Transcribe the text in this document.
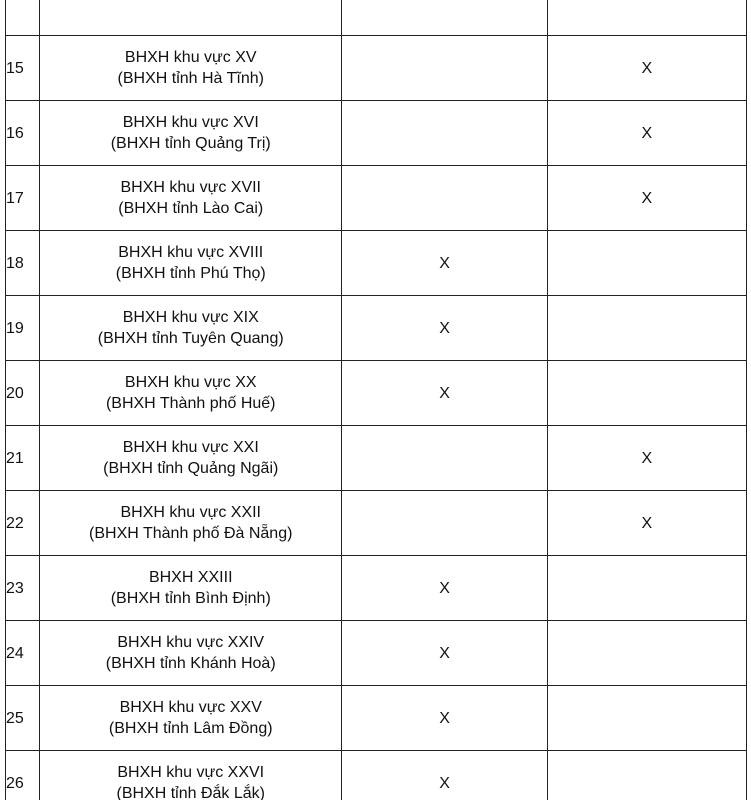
15	BHXH khu vực XV
(BHXH tỉnh Hà Tĩnh)		X
16	BHXH khu vực XVI
(BHXH tỉnh Quảng Trị)		X
17	BHXH khu vực XVII
(BHXH tỉnh Lào Cai)		X
18	BHXH khu vực XVIII
(BHXH tỉnh Phú Thọ)	X	
19	BHXH khu vực XIX
(BHXH tỉnh Tuyên Quang)	X	
20	BHXH khu vực XX
(BHXH Thành phố Huế)	X	
21	BHXH khu vực XXI
(BHXH tỉnh Quảng Ngãi)		X
22	BHXH khu vực XXII
(BHXH Thành phố Đà Nẵng)		X
23	BHXH XXIII
(BHXH tỉnh Bình Định)	X	
24	BHXH khu vực XXIV
(BHXH tỉnh Khánh Hoà)	X	
25	BHXH khu vực XXV
(BHXH tỉnh Lâm Đồng)	X	
26	BHXH khu vực XXVI
(BHXH tỉnh Đắk Lắk)	X	
